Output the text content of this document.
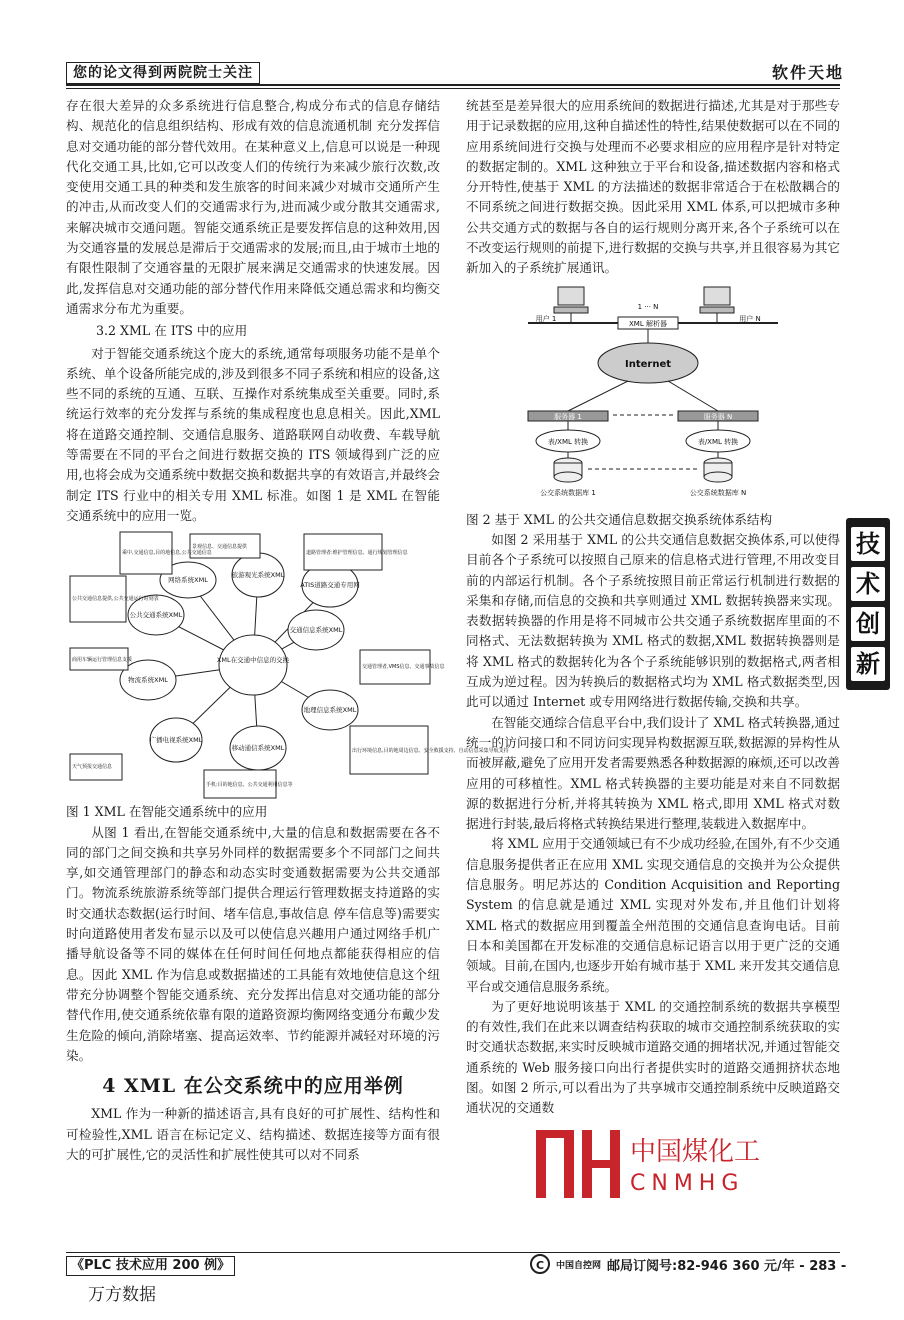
您的论文得到两院院士关注	软件天地

存在很大差异的众多系统进行信息整合,构成分布式的信息存储结构、规范化的信息组织结构、形成有效的信息流通机制 充分发挥信息对交通功能的部分替代效用。在某种意义上,信息可以说是一种现代化交通工具,比如,它可以改变人们的传统行为来减少旅行次数,改变使用交通工具的种类和发生旅客的时间来减少对城市交通所产生的冲击,从而改变人们的交通需求行为,进而减少或分散其交通需求,来解决城市交通问题。智能交通系统正是要发挥信息的这种效用,因为交通容量的发展总是滞后于交通需求的发展;而且,由于城市土地的有限性限制了交通容量的无限扩展来满足交通需求的快速发展。因此,发挥信息对交通功能的部分替代作用来降低交通总需求和均衡交通需求分布尤为重要。

3.2 XML 在 ITS 中的应用

对于智能交通系统这个庞大的系统,通常每项服务功能不是单个系统、单个设备所能完成的,涉及到很多不同子系统和相应的设备,这些不同的系统的互通、互联、互操作对系统集成至关重要。同时,系统运行效率的充分发挥与系统的集成程度也息息相关。因此,XML 将在道路交通控制、交通信息服务、道路联网自动收费、车载导航等需要在不同的平台之间进行数据交换的 ITS 领域得到广泛的应用,也将会成为交通系统中数据交换和数据共享的有效语言,并最终会制定 ITS 行业中的相关专用 XML 标准。如图 1 是 XML 在智能交通系统中的应用一览。

XML在交通中信息的交换
网络系统XML
旅游观光系统XML
交通信息系统XML
公共交通系统XML
物流系统XML
广播电视系统XML
移动通信系统XML
地理信息系统XML
ATIS道路交通专用网
乘中,交通信息,目的地信息,公共交通信息
景观信息、交通信息提供
道路管理者:维护管理信息、通行规划管理信息
公共交通信息提供,公共交通运行时刻表
商用车辆运行管理信息支援
交通管理者,VMS信息、交通事故信息
天气预报交通信息
手机:目的地信息、公共交通利用信息等
出行环境信息,目的地周边信息、安全救援支持、自动信息采集导航支持

图 1 XML 在智能交通系统中的应用

从图 1 看出,在智能交通系统中,大量的信息和数据需要在各不同的部门之间交换和共享另外同样的数据需要多个不同部门之间共享,如交通管理部门的静态和动态实时变通数据需要为公共交通部门。物流系统旅游系统等部门提供合理运行管理数据支持道路的实时交通状态数据(运行时间、堵车信息,事故信息 停车信息等)需要实时向道路使用者发布显示以及可以使信息兴趣用户通过网络手机广播导航设备等不同的媒体在任何时间任何地点都能获得相应的信息。因此 XML 作为信息或数据描述的工具能有效地使信息这个纽带充分协调整个智能交通系统、充分发挥出信息对交通功能的部分替代作用,使交通系统依靠有限的道路资源均衡网络变通分布戴少发生危险的倾向,消除堵塞、提高运效率、节约能源并减轻对环境的污染。

4 XML 在公交系统中的应用举例

XML 作为一种新的描述语言,具有良好的可扩展性、结构性和可检验性,XML 语言在标记定义、结构描述、数据连接等方面有很大的可扩展性,它的灵活性和扩展性使其可以对不同系

统甚至是差异很大的应用系统间的数据进行描述,尤其是对于那些专用于记录数据的应用,这种自描述性的特性,结果使数据可以在不同的应用系统间进行交换与处理而不必要求相应的应用程序是针对特定的数据定制的。XML 这种独立于平台和设备,描述数据内容和格式分开特性,使基于 XML 的方法描述的数据非常适合于在松散耦合的不同系统之间进行数据交换。因此采用 XML 体系,可以把城市多种公共交通方式的数据与各自的运行规则分离开来,各个子系统可以在不改变运行规则的前提下,进行数据的交换与共享,并且很容易为其它新加入的子系统扩展通讯。

用户 1	用户 N
1 ··· N
XML 解析器
Internet
服务器 1	服务器 N
表/XML 转换	表/XML 转换
公交系统数据库 1	公交系统数据库 N

图 2 基于 XML 的公共交通信息数据交换系统体系结构

如图 2 采用基于 XML 的公共交通信息数据交换体系,可以使得目前各个子系统可以按照自己原来的信息格式进行管理,不用改变目前的内部运行机制。各个子系统按照目前正常运行机制进行数据的采集和存储,而信息的交换和共享则通过 XML 数据转换器来实现。表数据转换器的作用是将不同城市公共交通子系统数据库里面的不同格式、无法数据转换为 XML 格式的数据,XML 数据转换器则是将 XML 格式的数据转化为各个子系统能够识别的数据格式,两者相互成为逆过程。因为转换后的数据格式均为 XML 格式数据类型,因此可以通过 Internet 或专用网络进行数据传输,交换和共享。

在智能交通综合信息平台中,我们设计了 XML 格式转换器,通过统一的访问接口和不同访问实现异构数据源互联,数据源的异构性从而被屏蔽,避免了应用开发者需要熟悉各种数据源的麻烦,还可以改善应用的可移植性。XML 格式转换器的主要功能是对来自不同数据源的数据进行分析,并将其转换为 XML 格式,即用 XML 格式对数据进行封装,最后将格式转换结果进行整理,装载进入数据库中。

将 XML 应用于交通领域已有不少成功经验,在国外,有不少交通信息服务提供者正在应用 XML 实现交通信息的交换并为公众提供信息服务。明尼苏达的 Condition Acquisition and Reporting System 的信息就是通过 XML 实现对外发布,并且他们计划将 XML 格式的数据应用到覆盖全州范围的交通信息查询电话。目前日本和美国都在开发标准的交通信息标记语言以用于更广泛的交通领域。目前,在国内,也逐步开始有城市基于 XML 来开发其交通信息平台或交通信息服务系统。

为了更好地说明该基于 XML 的交通控制系统的数据共享模型的有效性,我们在此来以调查结构获取的城市交通控制系统获取的实时交通状态数据,来实时反映城市道路交通的拥堵状况,并通过智能交通系统的 Web 服务接口向出行者提供实时的道路交通拥挤状态地图。如图 2 所示,可以看出为了共享城市交通控制系统中反映道路交通状况的交通数

技
术
创
新
中国煤化工
CNMHG
《PLC 技术应用 200 例》	C	中国自控网 邮局订阅号:82-946 360 元/年 - 283 -
万方数据
